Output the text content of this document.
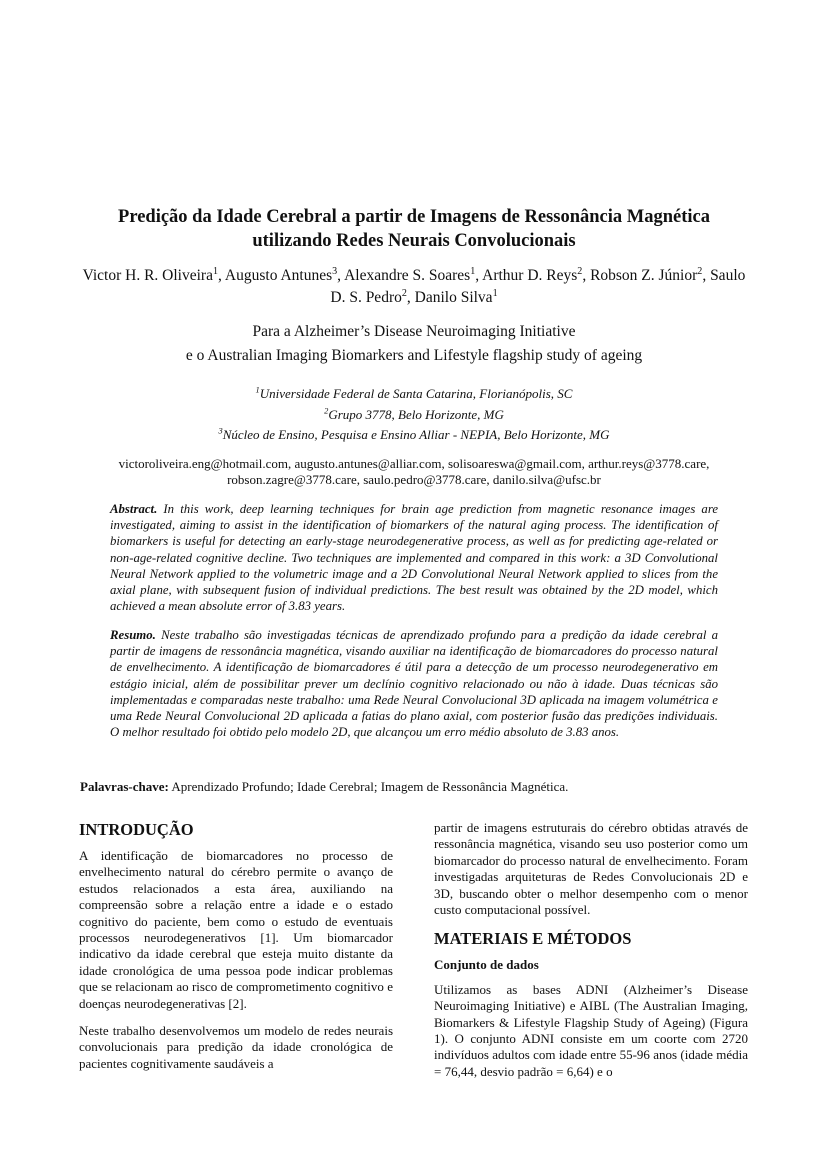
Predição da Idade Cerebral a partir de Imagens de Ressonância Magnética
utilizando Redes Neurais Convolucionais
Victor H. R. Oliveira$^1$, Augusto Antunes$^3$, Alexandre S. Soares$^1$, Arthur D. Reys$^2$, Robson Z. Júnior$^2$, Saulo D. S. Pedro$^2$, Danilo Silva$^1$
Para a Alzheimer’s Disease Neuroimaging Initiative
e o Australian Imaging Biomarkers and Lifestyle flagship study of ageing
$^1$Universidade Federal de Santa Catarina, Florianópolis, SC
$^2$Grupo 3778, Belo Horizonte, MG
$^3$Núcleo de Ensino, Pesquisa e Ensino Alliar - NEPIA, Belo Horizonte, MG
victoroliveira.eng@hotmail.com, augusto.antunes@alliar.com, solisoareswa@gmail.com, arthur.reys@3778.care,
robson.zagre@3778.care, saulo.pedro@3778.care, danilo.silva@ufsc.br
Abstract. In this work, deep learning techniques for brain age prediction from magnetic resonance images are investigated, aiming to assist in the identification of biomarkers of the natural aging process. The identification of biomarkers is useful for detecting an early-stage neurodegenerative process, as well as for predicting age-related or non-age-related cognitive decline. Two techniques are implemented and compared in this work: a 3D Convolutional Neural Network applied to the volumetric image and a 2D Convolutional Neural Network applied to slices from the axial plane, with subsequent fusion of individual predictions. The best result was obtained by the 2D model, which achieved a mean absolute error of 3.83 years.
Resumo. Neste trabalho são investigadas técnicas de aprendizado profundo para a predição da idade cerebral a partir de imagens de ressonância magnética, visando auxiliar na identificação de biomarcadores do processo natural de envelhecimento. A identificação de biomarcadores é útil para a detecção de um processo neurodegenerativo em estágio inicial, além de possibilitar prever um declínio cognitivo relacionado ou não à idade. Duas técnicas são implementadas e comparadas neste trabalho: uma Rede Neural Convolucional 3D aplicada na imagem volumétrica e uma Rede Neural Convolucional 2D aplicada a fatias do plano axial, com posterior fusão das predições individuais. O melhor resultado foi obtido pelo modelo 2D, que alcançou um erro médio absoluto de 3.83 anos.
Palavras-chave: Aprendizado Profundo; Idade Cerebral; Imagem de Ressonância Magnética.
INTRODUÇÃO

A identificação de biomarcadores no processo de envelhecimento natural do cérebro permite o avanço de estudos relacionados a esta área, auxiliando na compreensão sobre a relação entre a idade e o estado cognitivo do paciente, bem como o estudo de eventuais processos neurodegenerativos [1]. Um biomarcador indicativo da idade cerebral que esteja muito distante da idade cronológica de uma pessoa pode indicar problemas que se relacionam ao risco de comprometimento cognitivo e doenças neurodegenerativas [2].

Neste trabalho desenvolvemos um modelo de redes neurais convolucionais para predição da idade cronológica de pacientes cognitivamente saudáveis a

partir de imagens estruturais do cérebro obtidas através de ressonância magnética, visando seu uso posterior como um biomarcador do processo natural de envelhecimento. Foram investigadas arquiteturas de Redes Convolucionais 2D e 3D, buscando obter o melhor desempenho com o menor custo computacional possível.

MATERIAIS E MÉTODOS
Conjunto de dados

Utilizamos as bases ADNI (Alzheimer’s Disease Neuroimaging Initiative) e AIBL (The Australian Imaging, Biomarkers & Lifestyle Flagship Study of Ageing) (Figura 1). O conjunto ADNI consiste em um coorte com 2720 indivíduos adultos com idade entre 55-96 anos (idade média = 76,44, desvio padrão = 6,64) e o
